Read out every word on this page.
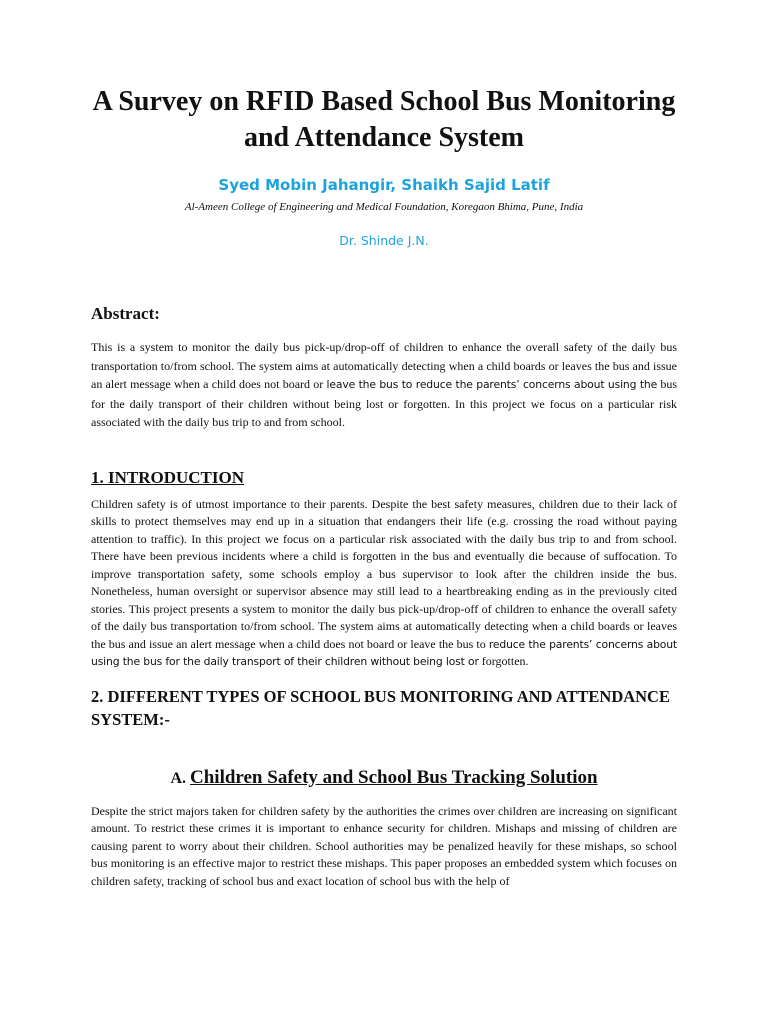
A Survey on RFID Based School Bus Monitoring and Attendance System

Syed Mobin Jahangir, Shaikh Sajid Latif

Al-Ameen College of Engineering and Medical Foundation, Koregaon Bhima, Pune, India

Dr. Shinde J.N.

Abstract:

This is a system to monitor the daily bus pick-up/drop-off of children to enhance the overall safety of the daily bus transportation to/from school. The system aims at automatically detecting when a child boards or leaves the bus and issue an alert message when a child does not board or leave the bus to reduce the parents’ concerns about using the bus for the daily transport of their children without being lost or forgotten. In this project we focus on a particular risk associated with the daily bus trip to and from school.

1. INTRODUCTION

Children safety is of utmost importance to their parents. Despite the best safety measures, children due to their lack of skills to protect themselves may end up in a situation that endangers their life (e.g. crossing the road without paying attention to traffic). In this project we focus on a particular risk associated with the daily bus trip to and from school. There have been previous incidents where a child is forgotten in the bus and eventually die because of suffocation. To improve transportation safety, some schools employ a bus supervisor to look after the children inside the bus. Nonetheless, human oversight or supervisor absence may still lead to a heartbreaking ending as in the previously cited stories. This project presents a system to monitor the daily bus pick-up/drop-off of children to enhance the overall safety of the daily bus transportation to/from school. The system aims at automatically detecting when a child boards or leaves the bus and issue an alert message when a child does not board or leave the bus to reduce the parents’ concerns about using the bus for the daily transport of their children without being lost or forgotten.

2. DIFFERENT TYPES OF SCHOOL BUS MONITORING AND ATTENDANCE SYSTEM:-
A. Children Safety and School Bus Tracking Solution

Despite the strict majors taken for children safety by the authorities the crimes over children are increasing on significant amount. To restrict these crimes it is important to enhance security for children. Mishaps and missing of children are causing parent to worry about their children. School authorities may be penalized heavily for these mishaps, so school bus monitoring is an effective major to restrict these mishaps. This paper proposes an embedded system which focuses on children safety, tracking of school bus and exact location of school bus with the help of
